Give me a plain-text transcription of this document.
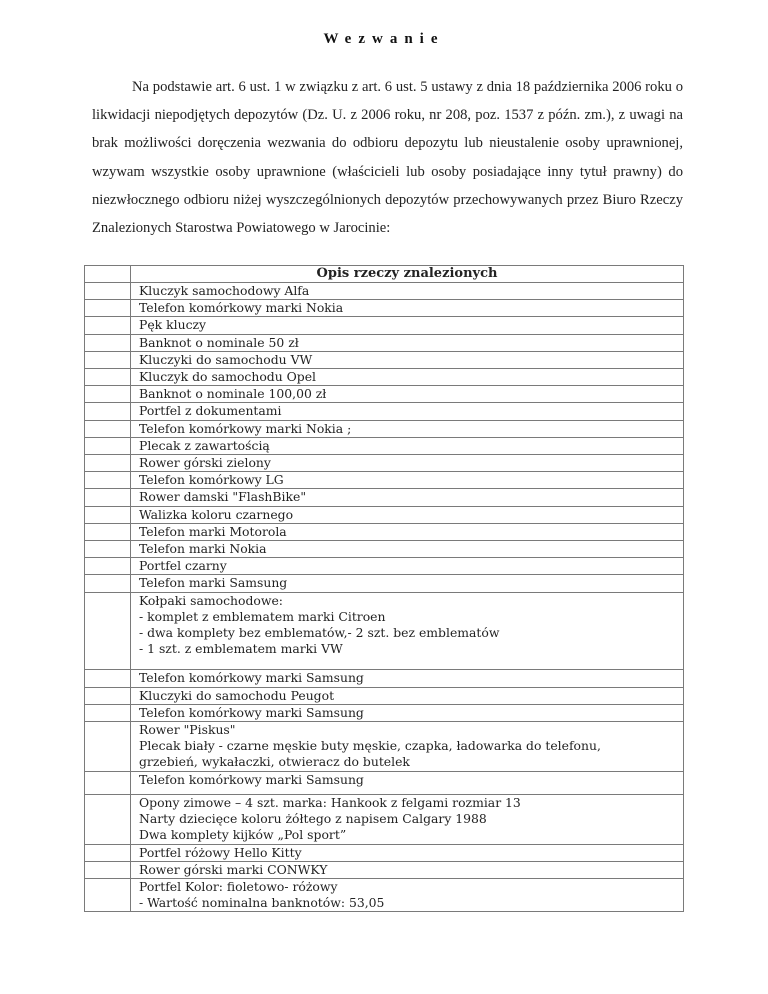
Wezwanie

Na podstawie art. 6 ust. 1 w związku z art. 6 ust. 5 ustawy z dnia 18 października 2006 roku o likwidacji niepodjętych depozytów (Dz. U. z 2006 roku, nr 208, poz. 1537 z późn. zm.), z uwagi na brak możliwości doręczenia wezwania do odbioru depozytu lub nieustalenie osoby uprawnionej, wzywam wszystkie osoby uprawnione (właścicieli lub osoby posiadające inny tytuł prawny) do niezwłocznego odbioru niżej wyszczególnionych depozytów przechowywanych przez Biuro Rzeczy Znalezionych Starostwa Powiatowego w Jarocinie:

	Opis rzeczy znalezionych

	Kluczyk samochodowy Alfa

	Telefon komórkowy marki Nokia

	Pęk kluczy

	Banknot o nominale 50 zł

	Kluczyki do samochodu VW

	Kluczyk do samochodu Opel

	Banknot o nominale 100,00 zł

	Portfel z dokumentami

	Telefon komórkowy marki Nokia ;

	Plecak z zawartością

	Rower górski zielony

	Telefon komórkowy LG

	Rower damski "FlashBike"

	Walizka koloru czarnego

	Telefon marki Motorola

	Telefon marki Nokia

	Portfel czarny

	Telefon marki Samsung

	Kołpaki samochodowe:
- komplet z emblematem marki Citroen
- dwa komplety bez emblematów,- 2 szt. bez emblematów
- 1 szt. z emblematem marki VW

	Telefon komórkowy marki Samsung

	Kluczyki do samochodu Peugot

	Telefon komórkowy marki Samsung

	Rower "Piskus"
Plecak biały - czarne męskie buty męskie, czapka, ładowarka do telefonu,
grzebień, wykałaczki, otwieracz do butelek

	Telefon komórkowy marki Samsung

	Opony zimowe – 4 szt. marka: Hankook z felgami rozmiar 13
Narty dziecięce koloru żółtego z napisem Calgary 1988
Dwa komplety kijków „Pol sport”

	Portfel różowy Hello Kitty

	Rower górski marki CONWKY

	Portfel Kolor: fioletowo- różowy
- Wartość nominalna banknotów: 53,05
